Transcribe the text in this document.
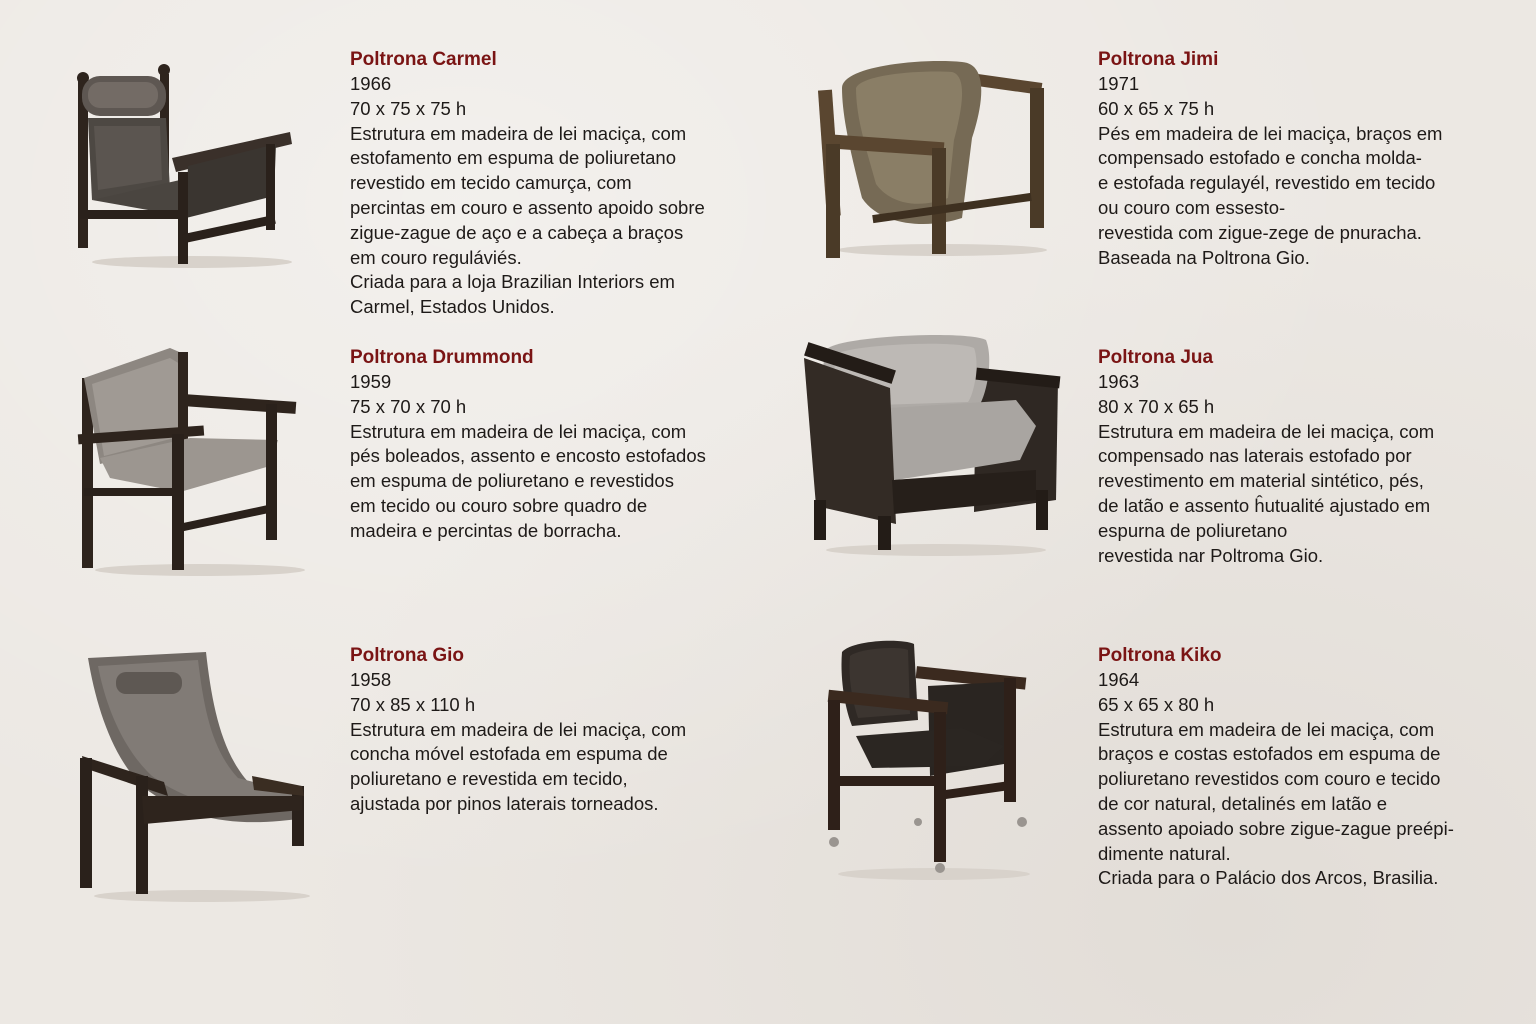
Poltrona Carmel

1966

70 x 75 x 75 h

Estrutura em madeira de lei maciça, com

estofamento em espuma de poliuretano

revestido em tecido camurça, com

percintas em couro e assento apoido sobre

zigue-zague de aço e a cabeça a braços

em couro reguláviés.

Criada para a loja Brazilian Interiors em

Carmel, Estados Unidos.

Poltrona Jimi

1971

60 x 65 x 75 h

Pés em madeira de lei maciça, braços em

compensado estofado e concha molda-

e estofada regulayél, revestido em tecido

ou couro com essesto-

revestida com zigue-zege de pnuracha.

Baseada na Poltrona Gio.

Poltrona Drummond

1959

75 x 70 x 70 h

Estrutura em madeira de lei maciça, com

pés boleados, assento e encosto estofados

em espuma de poliuretano e revestidos

em tecido ou couro sobre quadro de

madeira e percintas de borracha.

Poltrona Jua

1963

80 x 70 x 65 h

Estrutura em madeira de lei maciça, com

compensado nas laterais estofado por

revestimento em material sintético, pés,

de latão e assento ĥutualité ajustado em

espurna de poliuretano

revestida nar Poltroma Gio.

Poltrona Gio

1958

70 x 85 x 110 h

Estrutura em madeira de lei maciça, com

concha móvel estofada em espuma de

poliuretano e revestida em tecido,

ajustada por pinos laterais torneados.

Poltrona Kiko

1964

65 x 65 x 80 h

Estrutura em madeira de lei maciça, com

braços e costas estofados em espuma de

poliuretano revestidos com couro e tecido

de cor natural, detalinés em latão e

assento apoiado sobre zigue-zague preépi-

dimente natural.

Criada para o Palácio dos Arcos, Brasilia.
